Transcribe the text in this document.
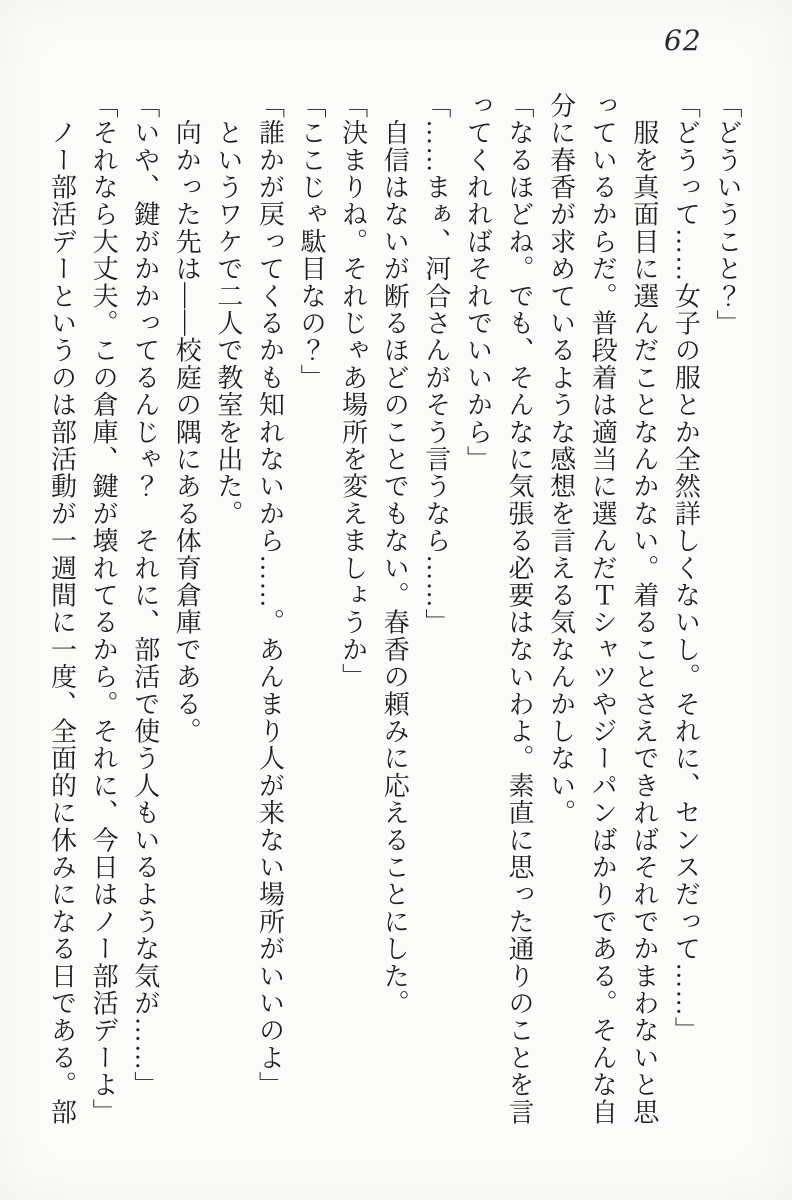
62
「どういうこと？」
「どうって……女子の服とか全然詳しくないし。それに、センスだって……」
　服を真面目に選んだことなんかない。着ることさえできればそれでかまわないと思
っているからだ。普段着は適当に選んだＴシャツやジーパンばかりである。そんな自
分に春香が求めているような感想を言える気なんかしない。
「なるほどね。でも、そんなに気張る必要はないわよ。素直に思った通りのことを言
ってくれればそれでいいから」
「……まぁ、河合さんがそう言うなら……」
　自信はないが断るほどのことでもない。春香の頼みに応えることにした。
「決まりね。それじゃあ場所を変えましょうか」
「ここじゃ駄目なの？」
「誰かが戻ってくるかも知れないから……。あんまり人が来ない場所がいいのよ」
　というワケで二人で教室を出た。
　向かった先は――校庭の隅にある体育倉庫である。
「いや、鍵がかかってるんじゃ？　それに、部活で使う人もいるような気が……」
「それなら大丈夫。この倉庫、鍵が壊れてるから。それに、今日はノー部活デーよ」
　ノー部活デーというのは部活動が一週間に一度、全面的に休みになる日である。部
